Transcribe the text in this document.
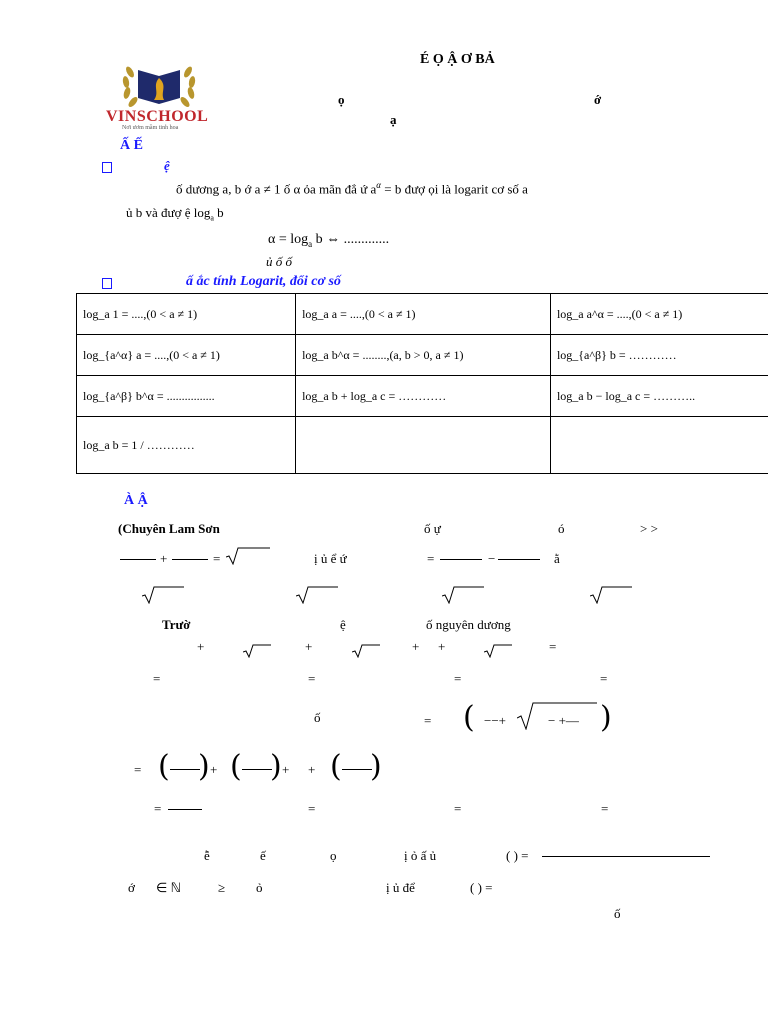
VINSCHOOL
Nơi ươm mầm tinh hoa
É Ọ Ậ Ơ BẢ
ọ	ớ
ạ
Ấ Ế
ệ
ố dương a, b ớ a ≠ 1 ố α ỏa mãn đẳ ứ $a^\alpha = b$ đượ ọi là logarit cơ số a
ủ b và đượ ệ $\log_a b$
$\alpha = \log_a b$ ⇔ .............
ủ ố ố
ấ ắc tính Logarit, đổi cơ số
log_a 1 = ....,(0 < a ≠ 1)	log_a a = ....,(0 < a ≠ 1)	log_a a^α = ....,(0 < a ≠ 1)
log_{a^α} a = ....,(0 < a ≠ 1)	log_a b^α = ........,(a, b > 0, a ≠ 1)	log_{a^β} b = …………
log_{a^β} b^α = ................	log_a b + log_a c = …………	log_a b − log_a c = ………..
log_a b = 1 / …………		
À Ậ
(Chuyên Lam Sơn	ố ự	ó	> >
+	=	ị ủ ể ứ	=	−	ằ
Trườ	ệ	ố nguyên dương
+	+	+ +	=
=	=	=	=
ố	= ( −−+	− +— )
= ( ) + ( ) + + ( )
=	=	=	=
ễ	ế	ọ	ị ỏ ấ ủ	( ) =
ớ ∈ ℕ	≥ ỏ	ị ủ để	( ) =
ố
